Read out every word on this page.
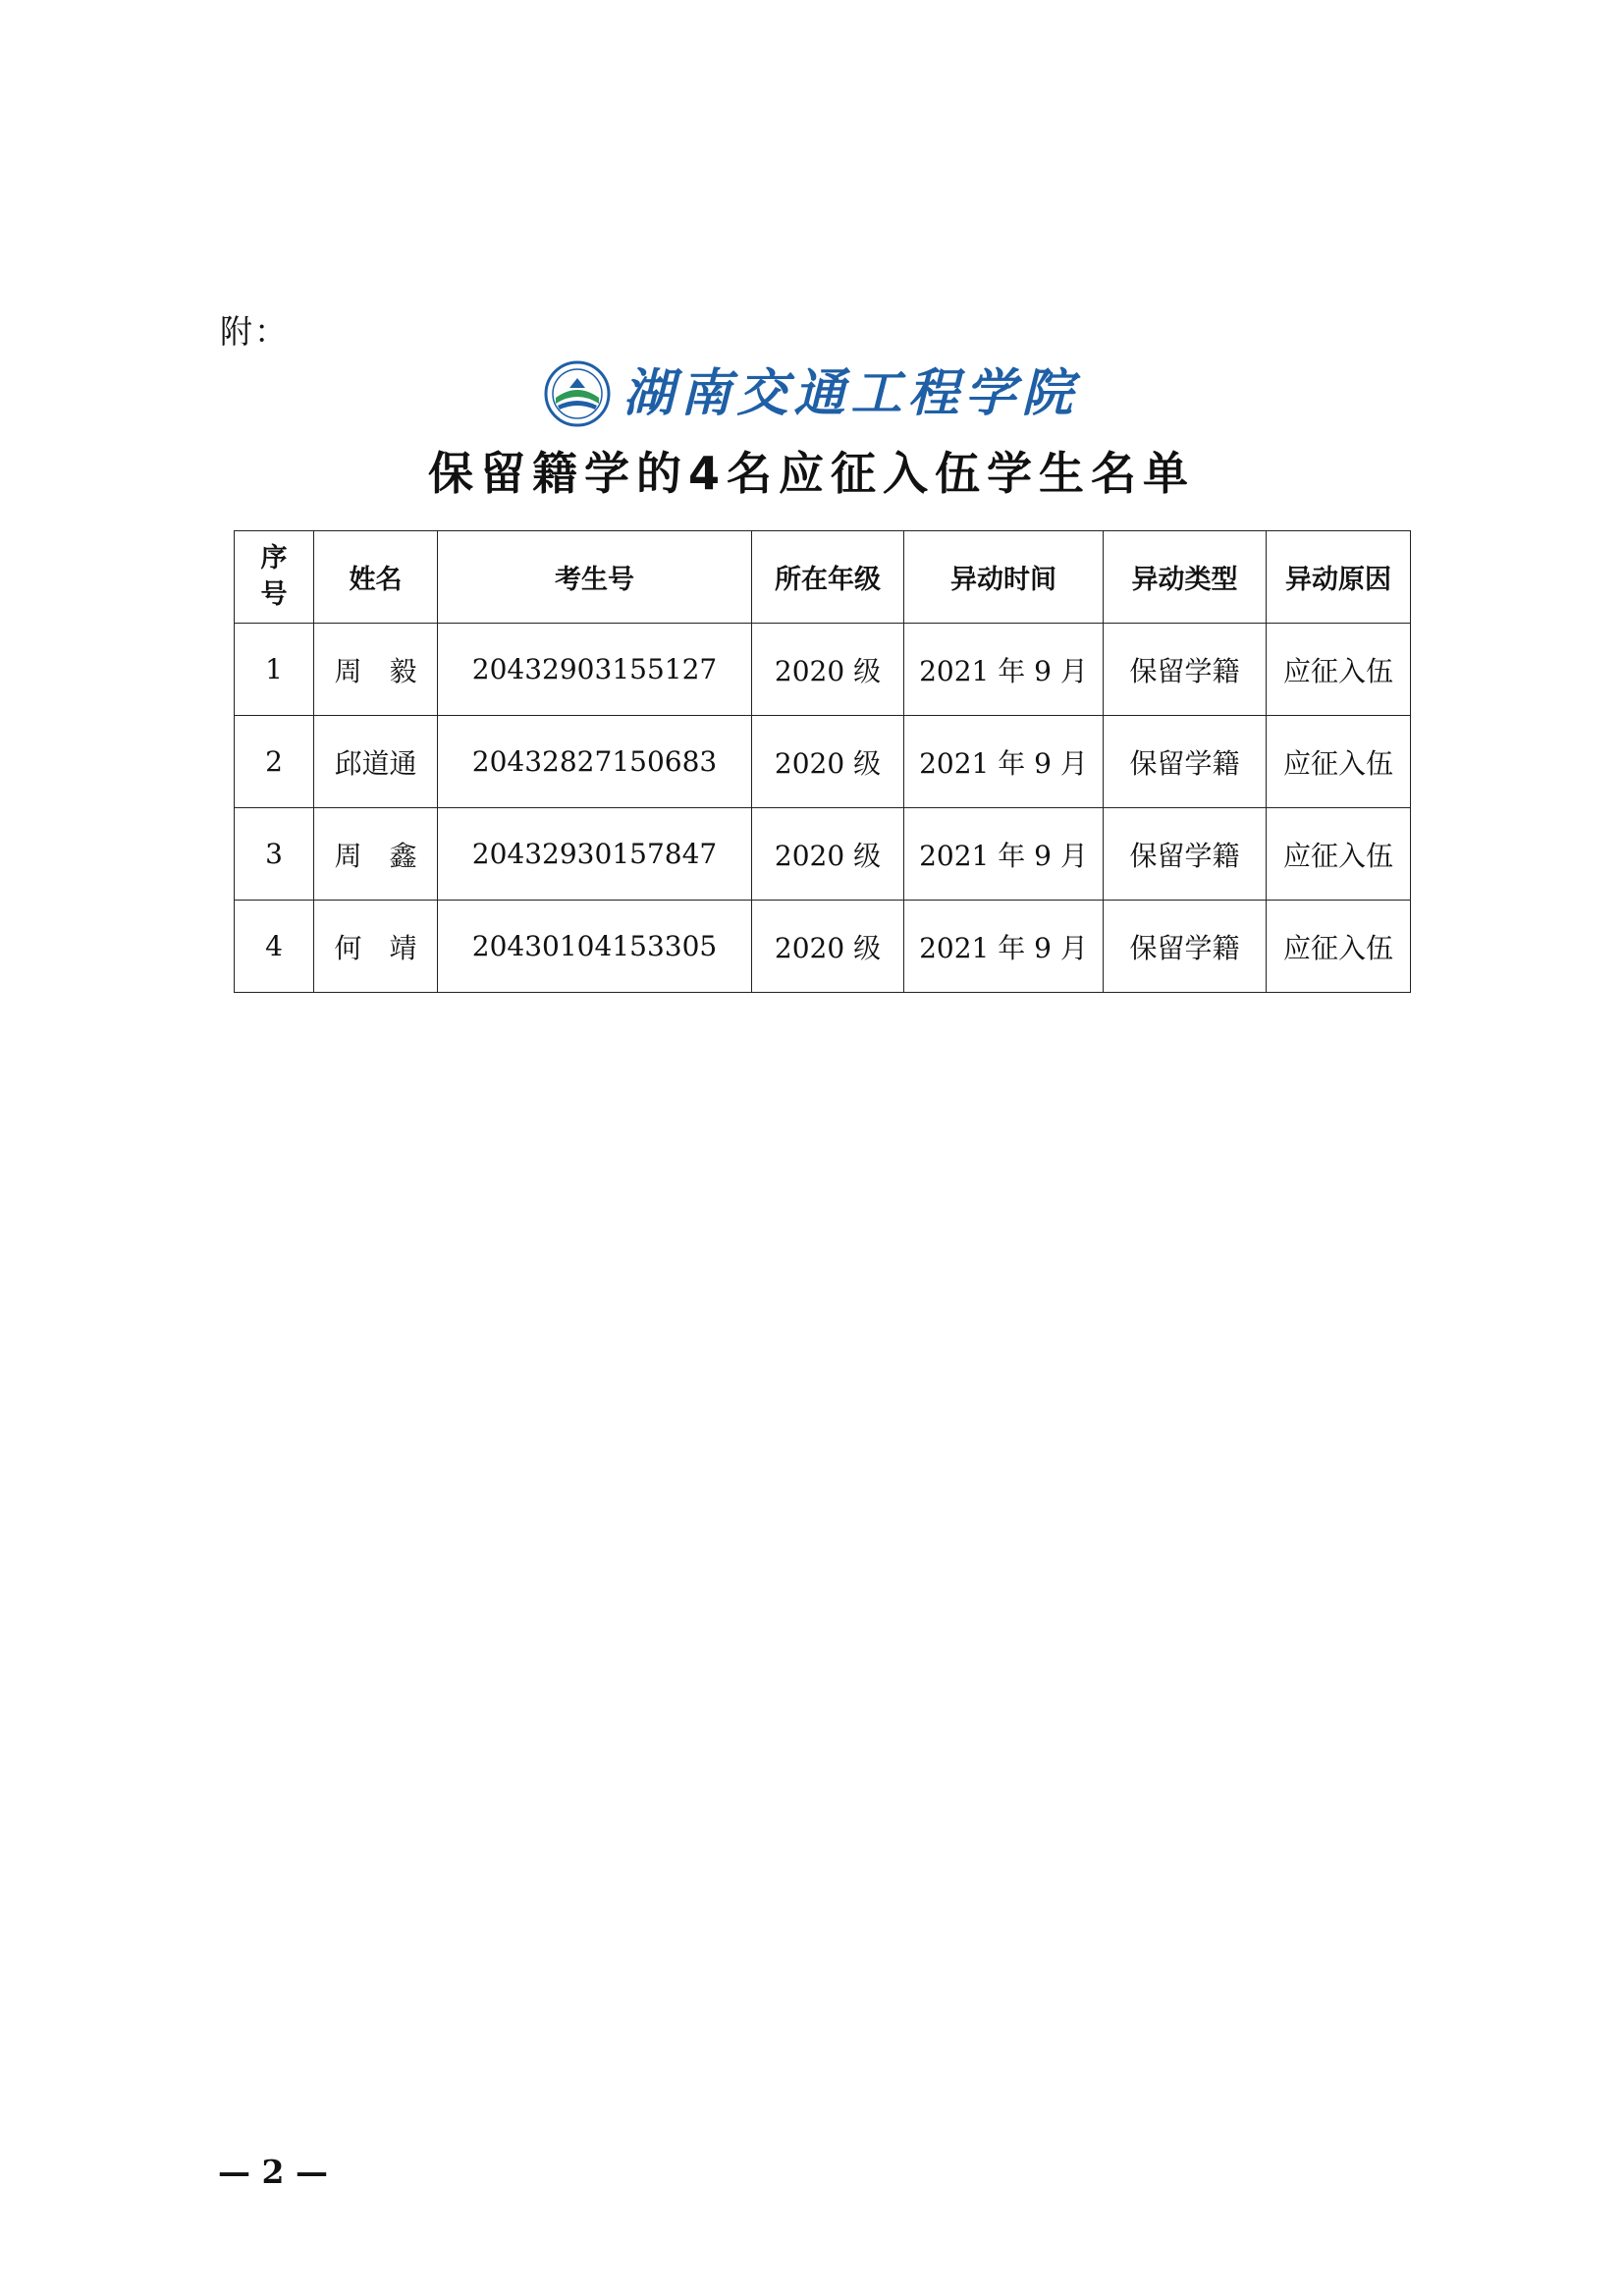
附：
湖南交通工程学院
保留籍学的4名应征入伍学生名单
序号	姓名	考生号	所在年级	异动时间	异动类型	异动原因
1	周　毅	20432903155127	2020 级	2021 年 9 月	保留学籍	应征入伍
2	邱道通	20432827150683	2020 级	2021 年 9 月	保留学籍	应征入伍
3	周　鑫	20432930157847	2020 级	2021 年 9 月	保留学籍	应征入伍
4	何　靖	20430104153305	2020 级	2021 年 9 月	保留学籍	应征入伍
— 2 —
